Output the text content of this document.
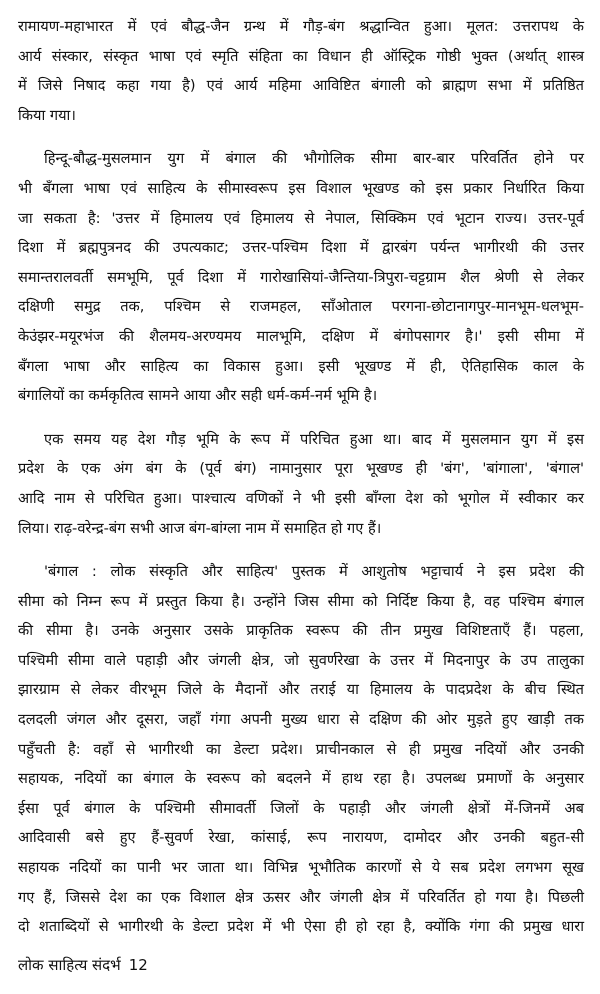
रामायण-महाभारत में एवं बौद्ध-जैन ग्रन्थ में गौड़-बंग श्रद्धान्वित हुआ। मूलत: उत्तरापथ के
आर्य संस्कार, संस्कृत भाषा एवं स्मृति संहिता का विधान ही ऑस्ट्रिक गोष्ठी भुक्त (अर्थात् शास्त्र
में जिसे निषाद कहा गया है) एवं आर्य महिमा आविष्टित बंगाली को ब्राह्मण सभा में प्रतिष्ठित
किया गया।

हिन्दू-बौद्ध-मुसलमान युग में बंगाल की भौगोलिक सीमा बार-बार परिवर्तित होने पर
भी बँगला भाषा एवं साहित्य के सीमास्वरूप इस विशाल भूखण्ड को इस प्रकार निर्धारित किया
जा सकता है: 'उत्तर में हिमालय एवं हिमालय से नेपाल, सिक्किम एवं भूटान राज्य। उत्तर-पूर्व
दिशा में ब्रह्मपुत्रनद की उपत्यकाट; उत्तर-पश्चिम दिशा में द्वारबंग पर्यन्त भागीरथी की उत्तर
समान्तरालवर्ती समभूमि, पूर्व दिशा में गारोखासियां-जैन्तिया-त्रिपुरा-चट्टग्राम शैल श्रेणी से लेकर
दक्षिणी समुद्र तक, पश्चिम से राजमहल, साँओताल परगना-छोटानागपुर-मानभूम-धलभूम-
केउंझर-मयूरभंज की शैलमय-अरण्यमय मालभूमि, दक्षिण में बंगोपसागर है।' इसी सीमा में
बँगला भाषा और साहित्य का विकास हुआ। इसी भूखण्ड में ही, ऐतिहासिक काल के
बंगालियों का कर्मकृतित्व सामने आया और सही धर्म-कर्म-नर्म भूमि है।

एक समय यह देश गौड़ भूमि के रूप में परिचित हुआ था। बाद में मुसलमान युग में इस
प्रदेश के एक अंग बंग के (पूर्व बंग) नामानुसार पूरा भूखण्ड ही 'बंग', 'बांगाला', 'बंगाल'
आदि नाम से परिचित हुआ। पाश्चात्य वणिकों ने भी इसी बाँग्ला देश को भूगोल में स्वीकार कर
लिया। राढ़-वरेन्द्र-बंग सभी आज बंग-बांग्ला नाम में समाहित हो गए हैं।

'बंगाल : लोक संस्कृति और साहित्य' पुस्तक में आशुतोष भट्टाचार्य ने इस प्रदेश की
सीमा को निम्न रूप में प्रस्तुत किया है। उन्होंने जिस सीमा को निर्दिष्ट किया है, वह पश्चिम बंगाल
की सीमा है। उनके अनुसार उसके प्राकृतिक स्वरूप की तीन प्रमुख विशिष्टताएँ हैं। पहला,
पश्चिमी सीमा वाले पहाड़ी और जंगली क्षेत्र, जो सुवर्णरेखा के उत्तर में मिदनापुर के उप तालुका
झारग्राम से लेकर वीरभूम जिले के मैदानों और तराई या हिमालय के पादप्रदेश के बीच स्थित
दलदली जंगल और दूसरा, जहाँ गंगा अपनी मुख्य धारा से दक्षिण की ओर मुड़ते हुए खाड़ी तक
पहुँचती है: वहाँ से भागीरथी का डेल्टा प्रदेश। प्राचीनकाल से ही प्रमुख नदियों और उनकी
सहायक, नदियों का बंगाल के स्वरूप को बदलने में हाथ रहा है। उपलब्ध प्रमाणों के अनुसार
ईसा पूर्व बंगाल के पश्चिमी सीमावर्ती जिलों के पहाड़ी और जंगली क्षेत्रों में-जिनमें अब
आदिवासी बसे हुए हैं-सुवर्ण रेखा, कांसाई, रूप नारायण, दामोदर और उनकी बहुत-सी
सहायक नदियों का पानी भर जाता था। विभिन्न भूभौतिक कारणों से ये सब प्रदेश लगभग सूख
गए हैं, जिससे देश का एक विशाल क्षेत्र ऊसर और जंगली क्षेत्र में परिवर्तित हो गया है। पिछली
दो शताब्दियों से भागीरथी के डेल्टा प्रदेश में भी ऐसा ही हो रहा है, क्योंकि गंगा की प्रमुख धारा

लोक साहित्य संदर्भ 12
